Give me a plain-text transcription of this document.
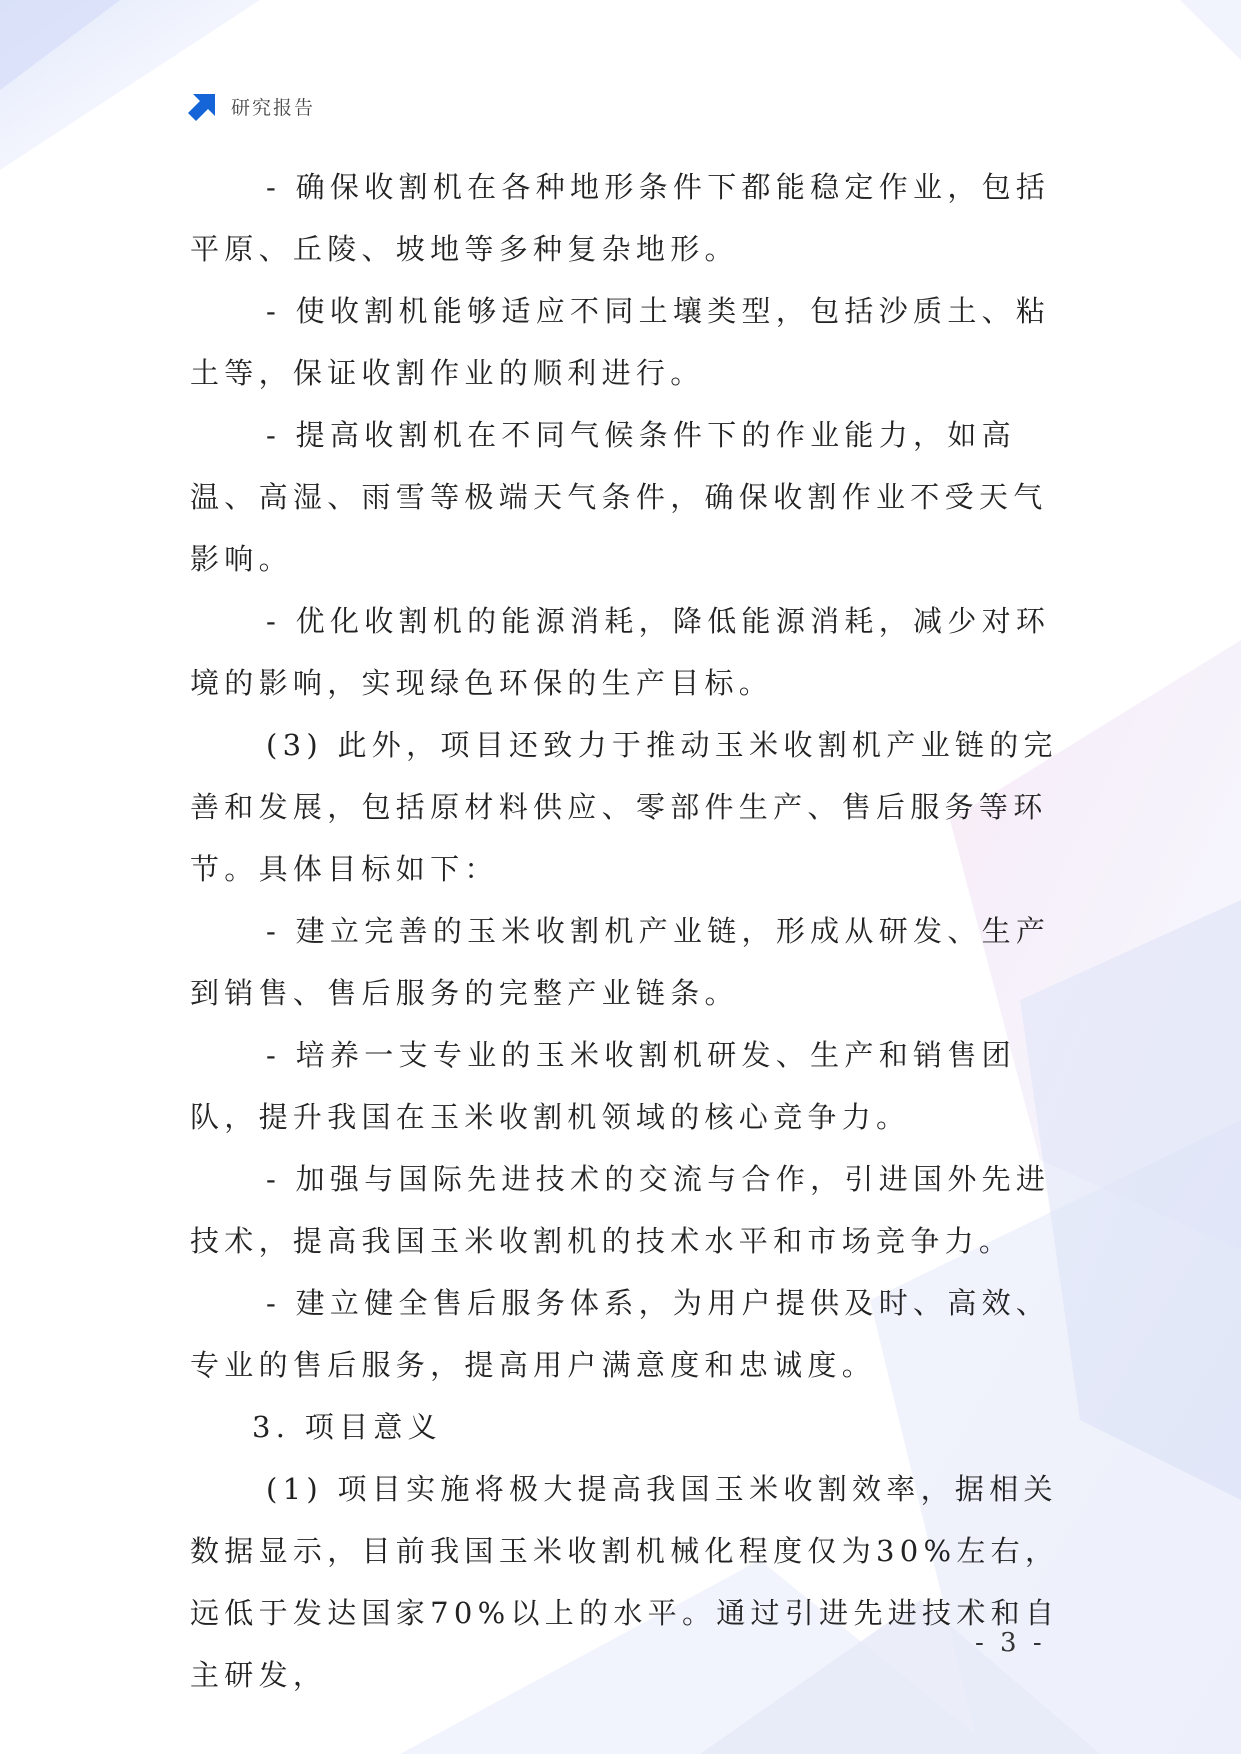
研究报告

- 确保收割机在各种地形条件下都能稳定作业，包括平原、丘陵、坡地等多种复杂地形。

- 使收割机能够适应不同土壤类型，包括沙质土、粘土等，保证收割作业的顺利进行。

- 提高收割机在不同气候条件下的作业能力，如高温、高湿、雨雪等极端天气条件，确保收割作业不受天气影响。

- 优化收割机的能源消耗，降低能源消耗，减少对环境的影响，实现绿色环保的生产目标。

(3) 此外，项目还致力于推动玉米收割机产业链的完善和发展，包括原材料供应、零部件生产、售后服务等环节。具体目标如下：

- 建立完善的玉米收割机产业链，形成从研发、生产到销售、售后服务的完整产业链条。

- 培养一支专业的玉米收割机研发、生产和销售团队，提升我国在玉米收割机领域的核心竞争力。

- 加强与国际先进技术的交流与合作，引进国外先进技术，提高我国玉米收割机的技术水平和市场竞争力。

- 建立健全售后服务体系，为用户提供及时、高效、专业的售后服务，提高用户满意度和忠诚度。

3. 项目意义

(1) 项目实施将极大提高我国玉米收割效率，据相关数据显示，目前我国玉米收割机械化程度仅为30%左右，远低于发达国家70%以上的水平。通过引进先进技术和自主研发，

- 3 -
